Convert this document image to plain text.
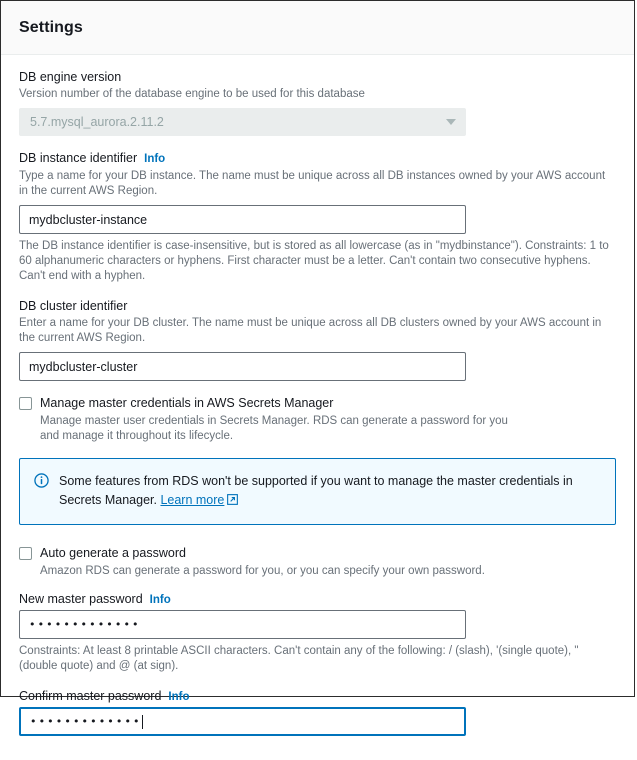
Settings
DB engine version
Version number of the database engine to be used for this database
5.7.mysql_aurora.2.11.2
DB instance identifier Info
Type a name for your DB instance. The name must be unique across all DB instances owned by your AWS account in the current AWS Region.
mydbcluster-instance
The DB instance identifier is case-insensitive, but is stored as all lowercase (as in "mydbinstance"). Constraints: 1 to 60 alphanumeric characters or hyphens. First character must be a letter. Can't contain two consecutive hyphens. Can't end with a hyphen.
DB cluster identifier
Enter a name for your DB cluster. The name must be unique across all DB clusters owned by your AWS account in the current AWS Region.
mydbcluster-cluster
Manage master credentials in AWS Secrets Manager
Manage master user credentials in Secrets Manager. RDS can generate a password for you and manage it throughout its lifecycle.
Some features from RDS won't be supported if you want to manage the master credentials in Secrets Manager. Learn more
Auto generate a password
Amazon RDS can generate a password for you, or you can specify your own password.
New master password Info
•••••••••••••
Constraints: At least 8 printable ASCII characters. Can't contain any of the following: / (slash), '(single quote), "(double quote) and @ (at sign).
Confirm master password Info
•••••••••••••
